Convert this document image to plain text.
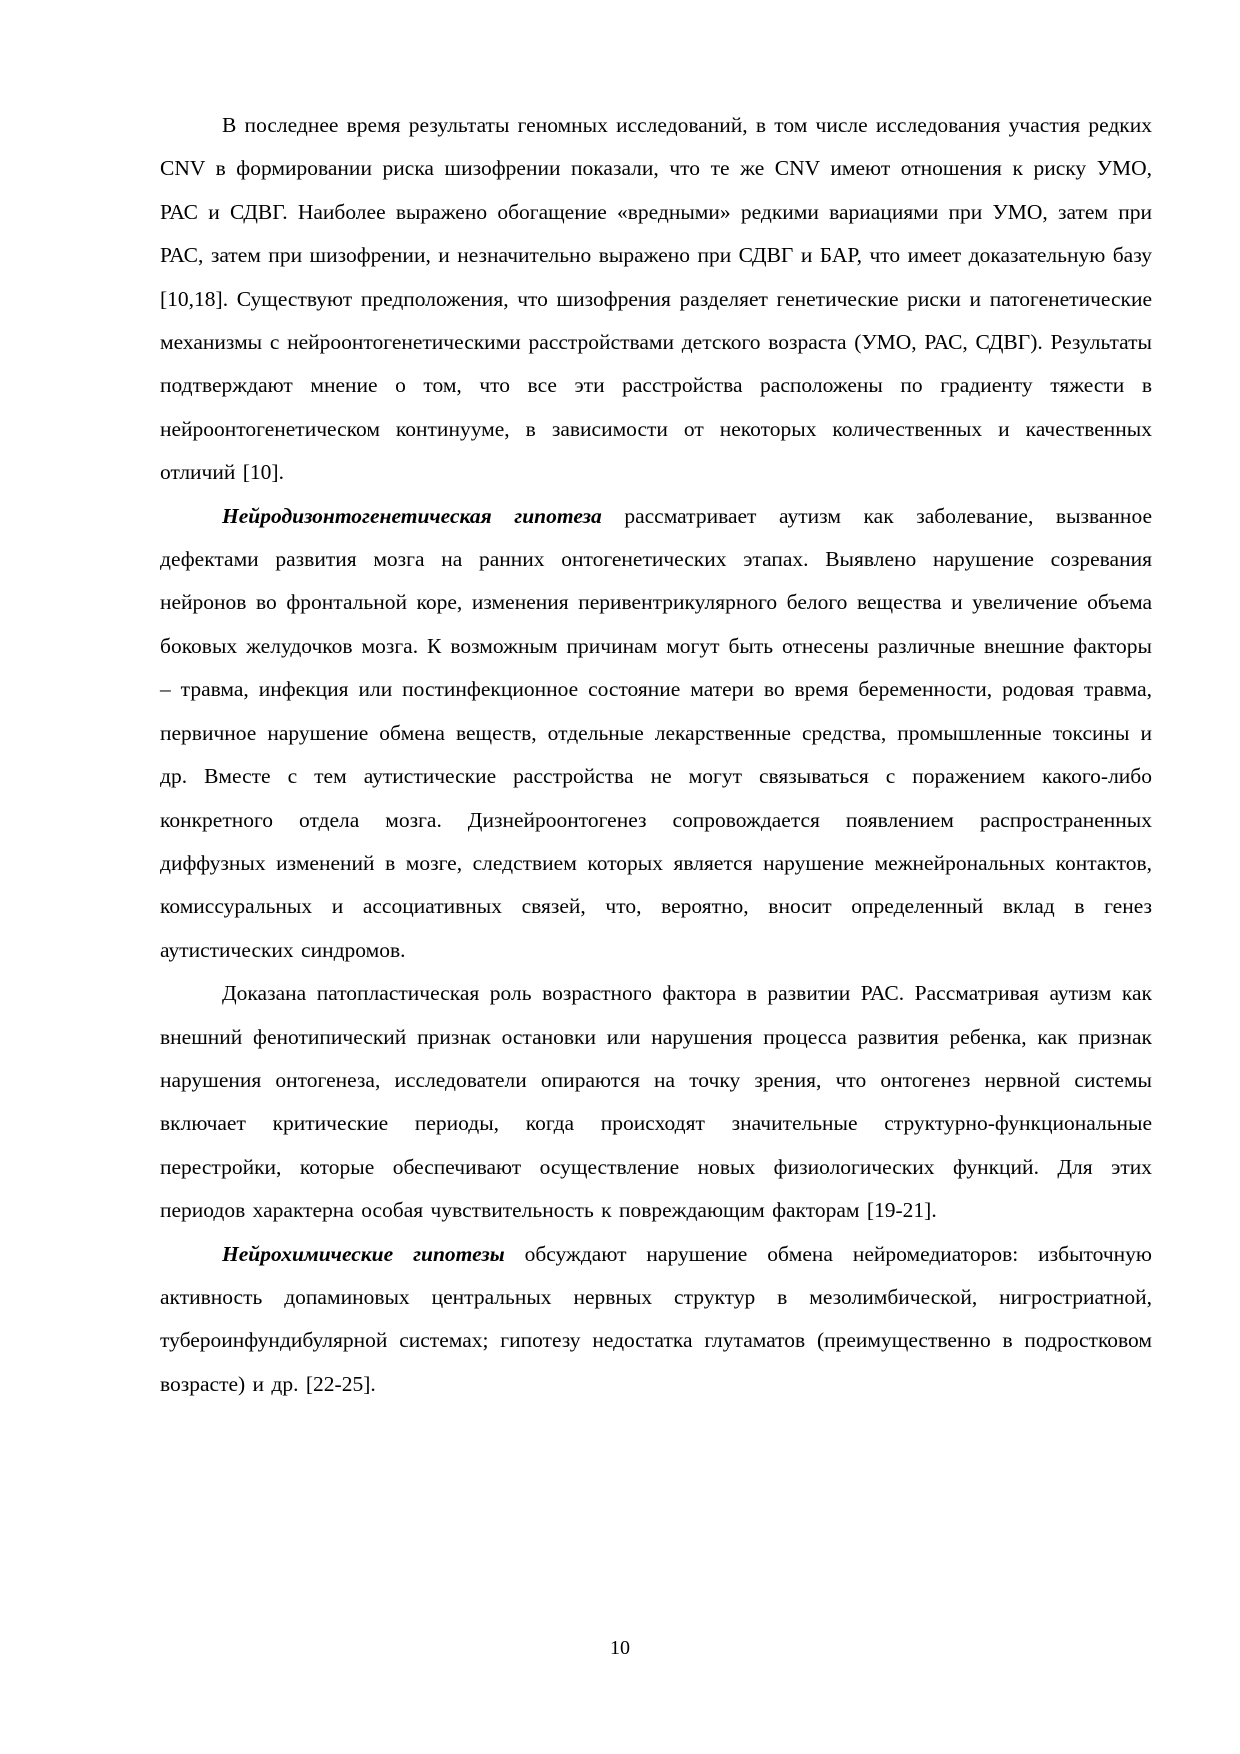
В последнее время результаты геномных исследований, в том числе исследования участия редких CNV в формировании риска шизофрении показали, что те же CNV имеют отношения к риску УМО, РАС и СДВГ. Наиболее выражено обогащение «вредными» редкими вариациями при УМО, затем при РАС, затем при шизофрении, и незначительно выражено при СДВГ и БАР, что имеет доказательную базу [10,18]. Существуют предположения, что шизофрения разделяет генетические риски и патогенетические механизмы с нейроонтогенетическими расстройствами детского возраста (УМО, РАС, СДВГ). Результаты подтверждают мнение о том, что все эти расстройства расположены по градиенту тяжести в нейроонтогенетическом континууме, в зависимости от некоторых количественных и качественных отличий [10].

Нейродизонтогенетическая гипотеза рассматривает аутизм как заболевание, вызванное дефектами развития мозга на ранних онтогенетических этапах. Выявлено нарушение созревания нейронов во фронтальной коре, изменения перивентрикулярного белого вещества и увеличение объема боковых желудочков мозга. К возможным причинам могут быть отнесены различные внешние факторы – травма, инфекция или постинфекционное состояние матери во время беременности, родовая травма, первичное нарушение обмена веществ, отдельные лекарственные средства, промышленные токсины и др. Вместе с тем аутистические расстройства не могут связываться с поражением какого-либо конкретного отдела мозга. Дизнейроонтогенез сопровождается появлением распространенных диффузных изменений в мозге, следствием которых является нарушение межнейрональных контактов, комиссуральных и ассоциативных связей, что, вероятно, вносит определенный вклад в генез аутистических синдромов.

Доказана патопластическая роль возрастного фактора в развитии РАС. Рассматривая аутизм как внешний фенотипический признак остановки или нарушения процесса развития ребенка, как признак нарушения онтогенеза, исследователи опираются на точку зрения, что онтогенез нервной системы включает критические периоды, когда происходят значительные структурно-функциональные перестройки, которые обеспечивают осуществление новых физиологических функций. Для этих периодов характерна особая чувствительность к повреждающим факторам [19-21].

Нейрохимические гипотезы обсуждают нарушение обмена нейромедиаторов: избыточную активность допаминовых центральных нервных структур в мезолимбической, нигростриатной, тубероинфундибулярной системах; гипотезу недостатка глутаматов (преимущественно в подростковом возрасте) и др. [22-25].

10
